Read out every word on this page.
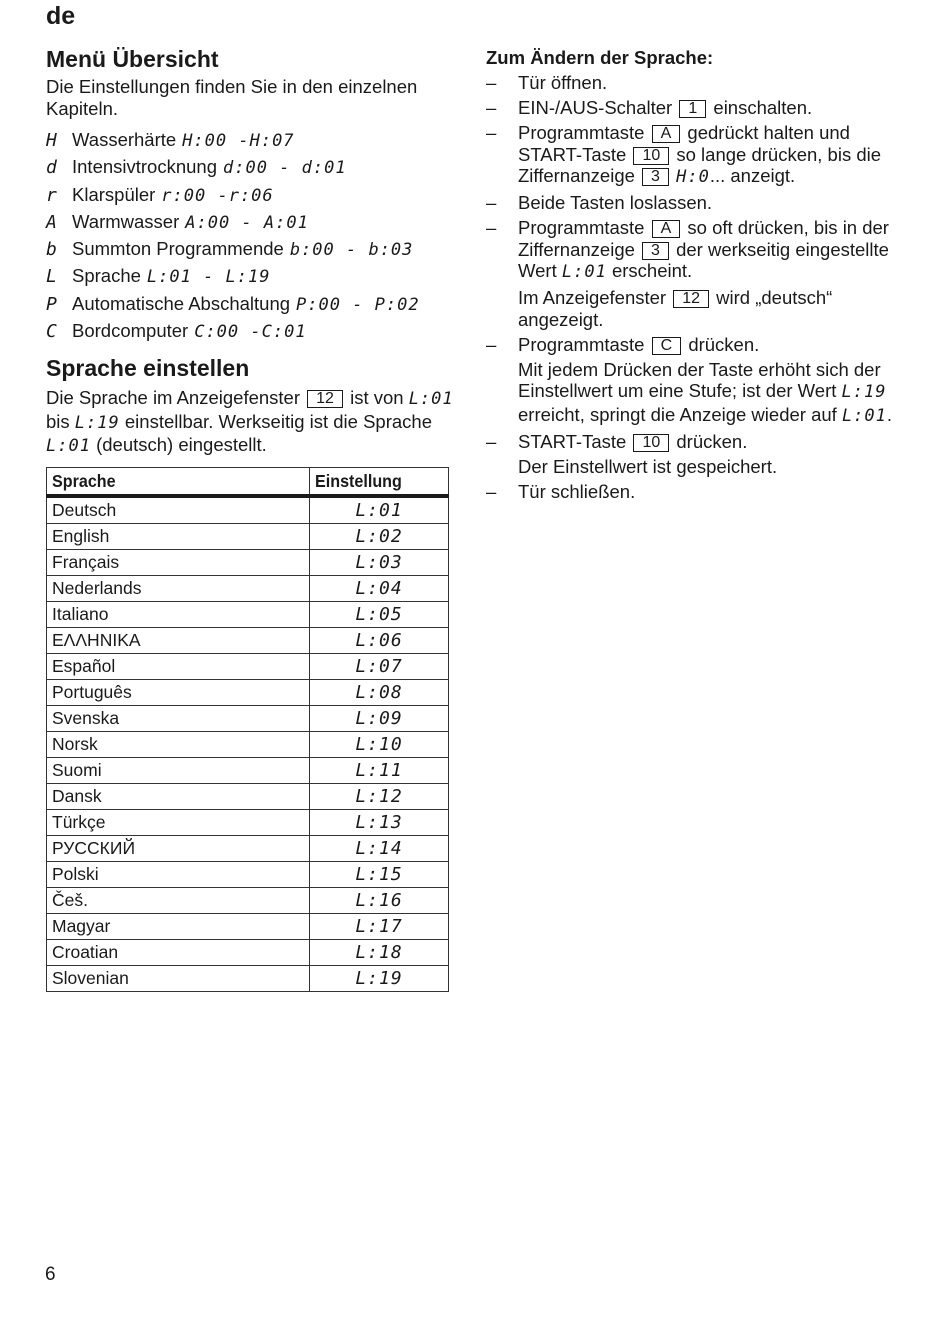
de
Menü Übersicht

Die Einstellungen finden Sie in den einzelnen Kapiteln.

H Wasserhärte H:00 -H:07
d Intensivtrocknung d:00 - d:01
r Klarspüler r:00 -r:06
A Warmwasser A:00 - A:01
b Summton Programmende b:00 - b:03
L Sprache L:01 - L:19
P Automatische Abschaltung P:00 - P:02
C Bordcomputer C:00 -C:01
Sprache einstellen

Die Sprache im Anzeigefenster 12 ist von L:01 bis L:19 einstellbar. Werkseitig ist die Sprache L:01 (deutsch) eingestellt.

Sprache	Einstellung
Deutsch	L:01
English	L:02
Français	L:03
Nederlands	L:04
Italiano	L:05
ΕΛΛΗΝΙΚΑ	L:06
Español	L:07
Português	L:08
Svenska	L:09
Norsk	L:10
Suomi	L:11
Dansk	L:12
Türkçe	L:13
РУССКИЙ	L:14
Polski	L:15
Češ.	L:16
Magyar	L:17
Croatian	L:18
Slovenian	L:19
Zum Ändern der Sprache:
–	Tür öffnen.
–	EIN-/AUS-Schalter 1 einschalten.
–	Programmtaste A gedrückt halten und START-Taste 10 so lange drücken, bis die Ziffernanzeige 3 H:0... anzeigt.
–	Beide Tasten loslassen.
–	Programmtaste A so oft drücken, bis in der Ziffernanzeige 3 der werkseitig eingestellte Wert L:01 erscheint.
Im Anzeigefenster 12 wird „deutsch“ angezeigt.
–	Programmtaste C drücken.
Mit jedem Drücken der Taste erhöht sich der Einstellwert um eine Stufe; ist der Wert L:19 erreicht, springt die Anzeige wieder auf L:01.
–	START-Taste 10 drücken.
Der Einstellwert ist gespeichert.
–	Tür schließen.
6
